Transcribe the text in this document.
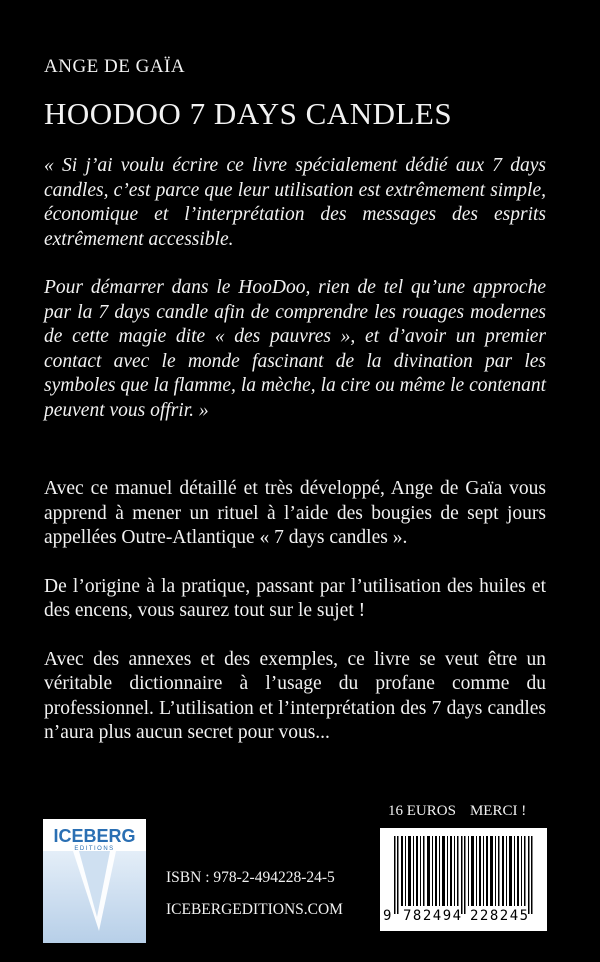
ANGE DE GAÏA
HOODOO 7 DAYS CANDLES

« Si j’ai voulu écrire ce livre spécialement dédié aux 7 days candles, c’est parce que leur utilisation est extrêmement simple, économique et l’interprétation des messages des esprits extrêmement accessible.

Pour démarrer dans le HooDoo, rien de tel qu’une approche par la 7 days candle afin de comprendre les rouages modernes de cette magie dite « des pauvres », et d’avoir un premier contact avec le monde fascinant de la divination par les symboles que la flamme, la mèche, la cire ou même le contenant peuvent vous offrir. »

Avec ce manuel détaillé et très développé, Ange de Gaïa vous apprend à mener un rituel à l’aide des bougies de sept jours appellées Outre-Atlantique « 7 days candles ».

De l’origine à la pratique, passant par l’utilisation des huiles et des encens, vous saurez tout sur le sujet !

Avec des annexes et des exemples, ce livre se veut être un véritable dictionnaire à l’usage du profane comme du professionnel. L’utilisation et l’interprétation des 7 days candles n’aura plus aucun secret pour vous...

16 EUROS MERCI !
ICEBERG
EDITIONS
ISBN : 978-2-494228-24-5
ICEBERGEDITIONS.COM	9 782494 228245
